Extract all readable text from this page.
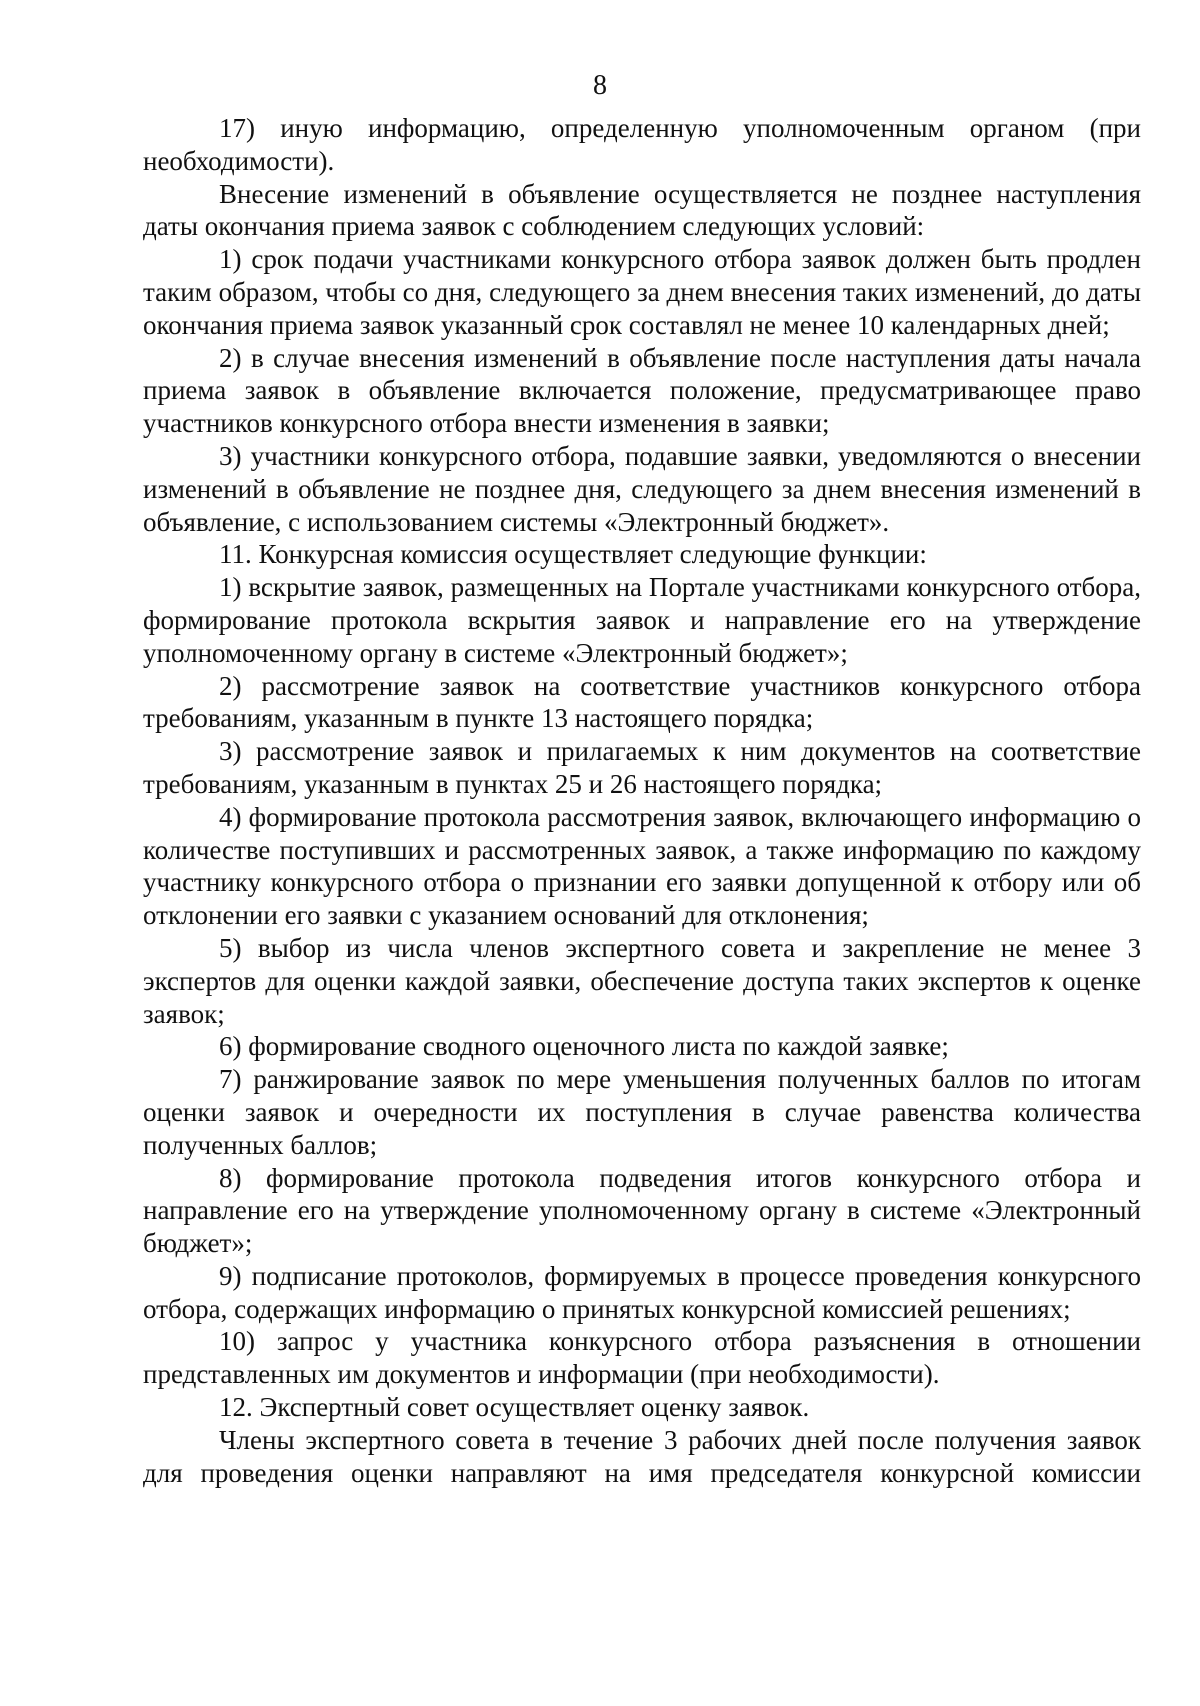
8

17) иную информацию, определенную уполномоченным органом (при необходимости).

Внесение изменений в объявление осуществляется не позднее наступления даты окончания приема заявок с соблюдением следующих условий:

1) срок подачи участниками конкурсного отбора заявок должен быть продлен таким образом, чтобы со дня, следующего за днем внесения таких изменений, до даты окончания приема заявок указанный срок составлял не менее 10 календарных дней;

2) в случае внесения изменений в объявление после наступления даты начала приема заявок в объявление включается положение, предусматривающее право участников конкурсного отбора внести изменения в заявки;

3) участники конкурсного отбора, подавшие заявки, уведомляются о внесении изменений в объявление не позднее дня, следующего за днем внесения изменений в объявление, с использованием системы «Электронный бюджет».

11. Конкурсная комиссия осуществляет следующие функции:

1) вскрытие заявок, размещенных на Портале участниками конкурсного отбора, формирование протокола вскрытия заявок и направление его на утверждение уполномоченному органу в системе «Электронный бюджет»;

2) рассмотрение заявок на соответствие участников конкурсного отбора требованиям, указанным в пункте 13 настоящего порядка;

3) рассмотрение заявок и прилагаемых к ним документов на соответствие требованиям, указанным в пунктах 25 и 26 настоящего порядка;

4) формирование протокола рассмотрения заявок, включающего информацию о количестве поступивших и рассмотренных заявок, а также информацию по каждому участнику конкурсного отбора о признании его заявки допущенной к отбору или об отклонении его заявки с указанием оснований для отклонения;

5) выбор из числа членов экспертного совета и закрепление не менее 3 экспертов для оценки каждой заявки, обеспечение доступа таких экспертов к оценке заявок;

6) формирование сводного оценочного листа по каждой заявке;

7) ранжирование заявок по мере уменьшения полученных баллов по итогам оценки заявок и очередности их поступления в случае равенства количества полученных баллов;

8) формирование протокола подведения итогов конкурсного отбора и направление его на утверждение уполномоченному органу в системе «Электронный бюджет»;

9) подписание протоколов, формируемых в процессе проведения конкурсного отбора, содержащих информацию о принятых конкурсной комиссией решениях;

10) запрос у участника конкурсного отбора разъяснения в отношении представленных им документов и информации (при необходимости).

12. Экспертный совет осуществляет оценку заявок.

Члены экспертного совета в течение 3 рабочих дней после получения заявок для проведения оценки направляют на имя председателя конкурсной комиссии
